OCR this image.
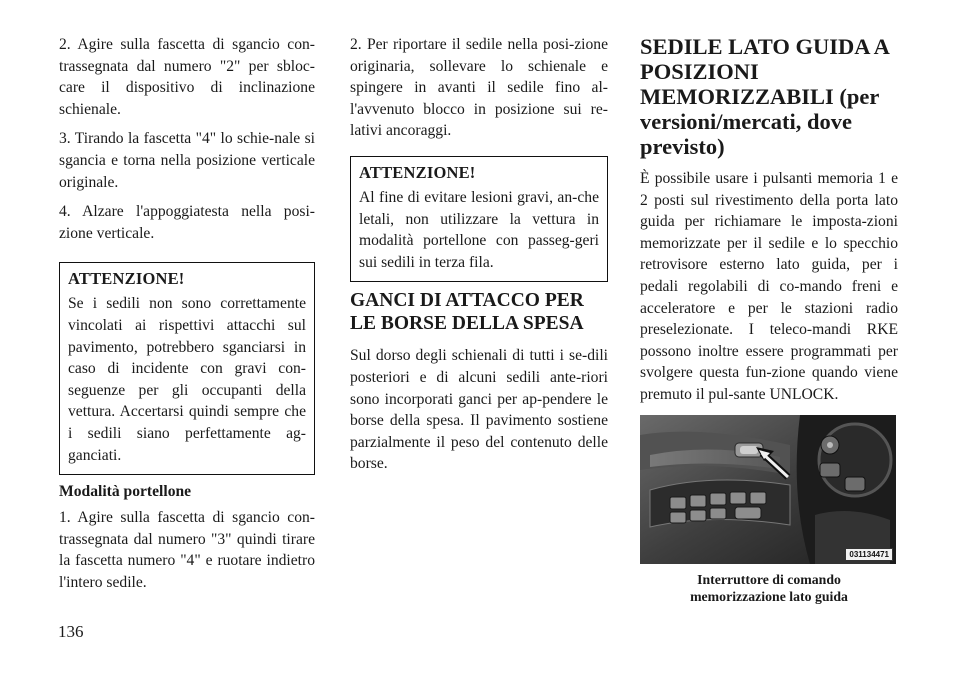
2. Agire sulla fascetta di sgancio con-trassegnata dal numero "2" per sbloc-care il dispositivo di inclinazione schienale.

3. Tirando la fascetta "4" lo schie-nale si sgancia e torna nella posizione verticale originale.

4. Alzare l'appoggiatesta nella posi-zione verticale.

ATTENZIONE!

Se i sedili non sono correttamente vincolati ai rispettivi attacchi sul pavimento, potrebbero sganciarsi in caso di incidente con gravi con-seguenze per gli occupanti della vettura. Accertarsi quindi sempre che i sedili siano perfettamente ag-ganciati.

Modalità portellone

1. Agire sulla fascetta di sgancio con-trassegnata dal numero "3" quindi tirare la fascetta numero "4" e ruotare indietro l'intero sedile.

2. Per riportare il sedile nella posi-zione originaria, sollevare lo schienale e spingere in avanti il sedile fino al-l'avvenuto blocco in posizione sui re-lativi ancoraggi.

ATTENZIONE!

Al fine di evitare lesioni gravi, an-che letali, non utilizzare la vettura in modalità portellone con passeg-geri sui sedili in terza fila.

GANCI DI ATTACCO PER LE BORSE DELLA SPESA

Sul dorso degli schienali di tutti i se-dili posteriori e di alcuni sedili ante-riori sono incorporati ganci per ap-pendere le borse della spesa. Il pavimento sostiene parzialmente il peso del contenuto delle borse.

SEDILE LATO GUIDA A POSIZIONI MEMORIZZABILI (per versioni/mercati, dove previsto)

È possibile usare i pulsanti memoria 1 e 2 posti sul rivestimento della porta lato guida per richiamare le imposta-zioni memorizzate per il sedile e lo specchio retrovisore esterno lato guida, per i pedali regolabili di co-mando freni e acceleratore e per le stazioni radio preselezionate. I teleco-mandi RKE possono inoltre essere programmati per svolgere questa fun-zione quando viene premuto il pul-sante UNLOCK.

031134471
Interruttore di comando
memorizzazione lato guida
136
